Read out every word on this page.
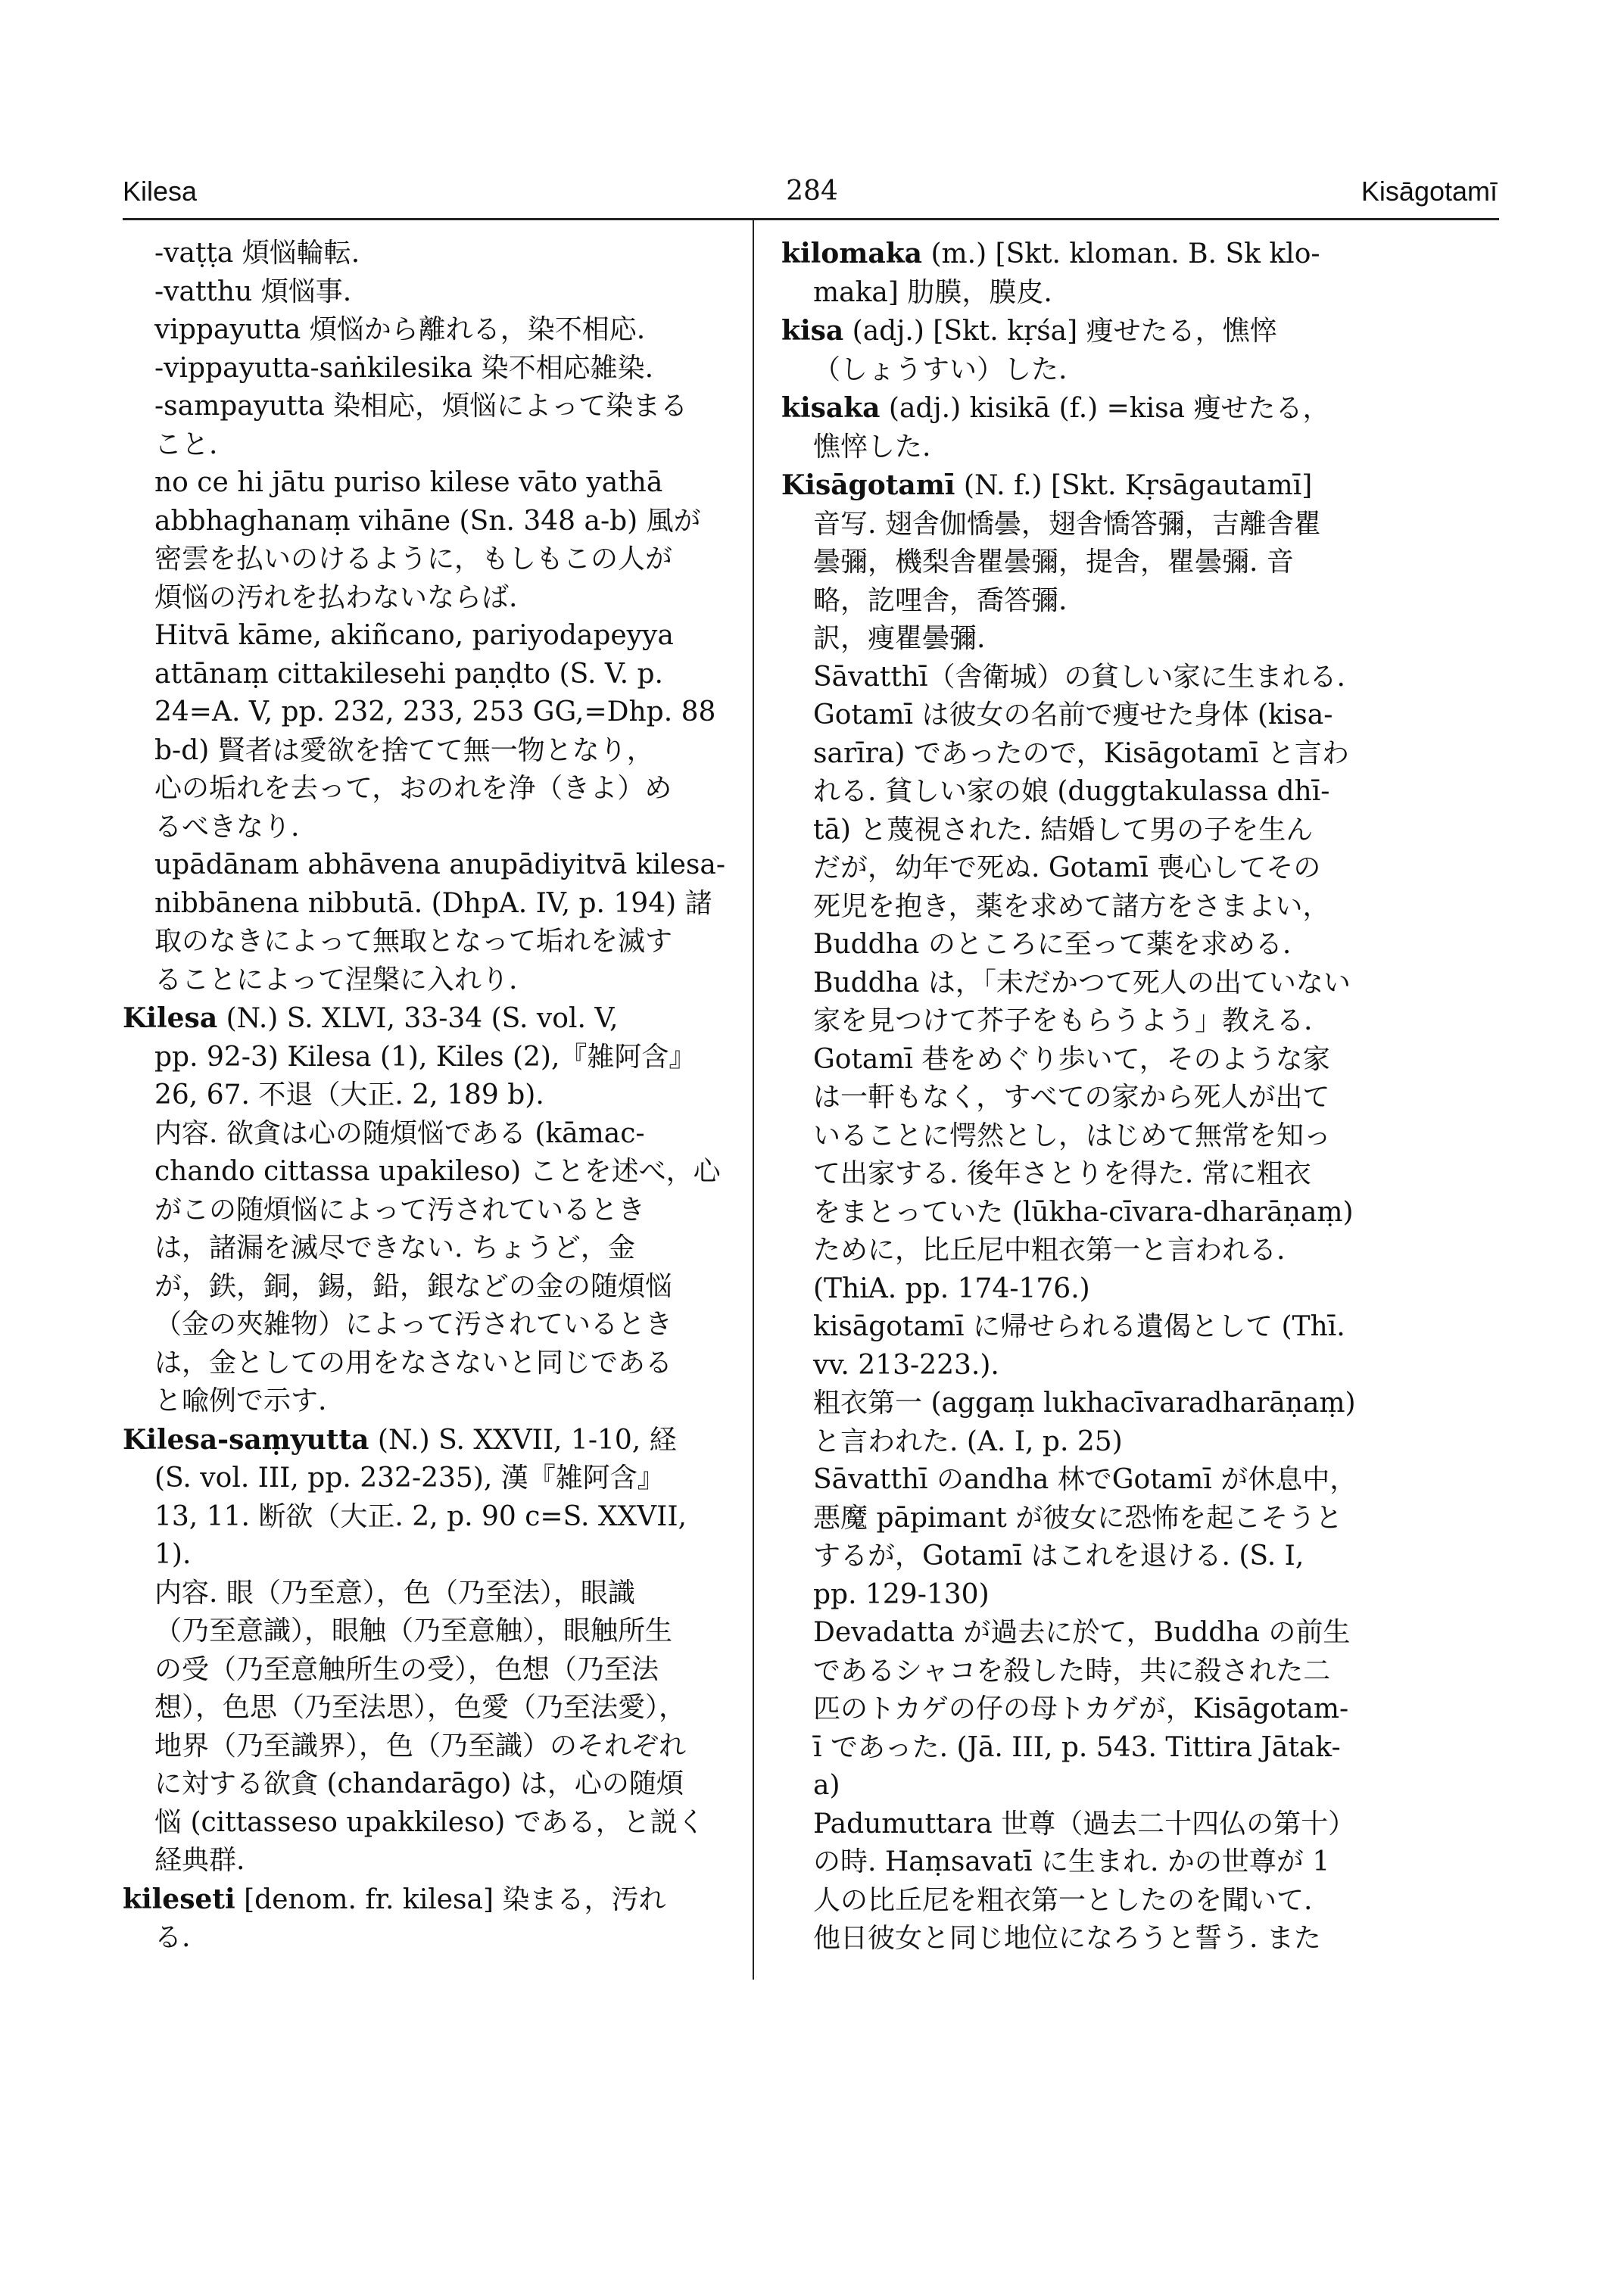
Kilesa	284	Kisāgotamī
-vaṭṭa 煩悩輪転.
-vatthu 煩悩事.
vippayutta 煩悩から離れる，染不相応.
-vippayutta-saṅkilesika 染不相応雑染.
-sampayutta 染相応，煩悩によって染まる
こと.
no ce hi jātu puriso kilese vāto yathā
abbhaghanaṃ vihāne (Sn. 348 a-b) 風が
密雲を払いのけるように，もしもこの人が
煩悩の汚れを払わないならば.
Hitvā kāme, akiñcano, pariyodapeyya
attānaṃ cittakilesehi paṇḍto (S. V. p.
24=A. V, pp. 232, 233, 253 GG,=Dhp. 88
b-d) 賢者は愛欲を捨てて無一物となり，
心の垢れを去って，おのれを浄（きよ）め
るべきなり.
upādānam abhāvena anupādiyitvā kilesa-
nibbānena nibbutā. (DhpA. IV, p. 194) 諸
取のなきによって無取となって垢れを滅す
ることによって涅槃に入れり.
Kilesa (N.) S. XLVI, 33-34 (S. vol. V,
pp. 92-3) Kilesa (1), Kiles (2),『雑阿含』
26, 67. 不退（大正. 2, 189 b).
内容. 欲貪は心の随煩悩である (kāmac-
chando cittassa upakileso) ことを述べ，心
がこの随煩悩によって汚されているとき
は，諸漏を滅尽できない. ちょうど，金
が，鉄，銅，錫，鉛，銀などの金の随煩悩
（金の夾雑物）によって汚されているとき
は，金としての用をなさないと同じである
と喩例で示す.
Kilesa-saṃyutta (N.) S. XXVII, 1-10, 経
(S. vol. III, pp. 232-235), 漢『雑阿含』
13, 11. 断欲（大正. 2, p. 90 c=S. XXVII,
1).
内容. 眼（乃至意），色（乃至法），眼識
（乃至意識），眼触（乃至意触），眼触所生
の受（乃至意触所生の受），色想（乃至法
想），色思（乃至法思），色愛（乃至法愛），
地界（乃至識界），色（乃至識）のそれぞれ
に対する欲貪 (chandarāgo) は，心の随煩
悩 (cittasseso upakkileso) である，と説く
経典群.
kileseti [denom. fr. kilesa] 染まる，汚れ
る.
kilomaka (m.) [Skt. kloman. B. Sk klo-
maka] 肋膜，膜皮.
kisa (adj.) [Skt. kṛśa] 痩せたる，憔悴
（しょうすい）した.
kisaka (adj.) kisikā (f.) =kisa 痩せたる，
憔悴した.
Kisāgotamī (N. f.) [Skt. Kṛsāgautamī]
音写. 翅舎伽憍曇，翅舎憍答彌，吉離舎瞿
曇彌，機梨舎瞿曇彌，提舎，瞿曇彌. 音
略，訖哩舎，喬答彌.
訳，痩瞿曇彌.
Sāvatthī（舎衛城）の貧しい家に生まれる.
Gotamī は彼女の名前で痩せた身体 (kisa-
sarīra) であったので，Kisāgotamī と言わ
れる. 貧しい家の娘 (duggtakulassa dhī-
tā) と蔑視された. 結婚して男の子を生ん
だが，幼年で死ぬ. Gotamī 喪心してその
死児を抱き，薬を求めて諸方をさまよい，
Buddha のところに至って薬を求める.
Buddha は，「未だかつて死人の出ていない
家を見つけて芥子をもらうよう」教える.
Gotamī 巷をめぐり歩いて，そのような家
は一軒もなく，すべての家から死人が出て
いることに愕然とし，はじめて無常を知っ
て出家する. 後年さとりを得た. 常に粗衣
をまとっていた (lūkha-cīvara-dharāṇaṃ)
ために，比丘尼中粗衣第一と言われる.
(ThiA. pp. 174-176.)
kisāgotamī に帰せられる遺偈として (Thī.
vv. 213-223.).
粗衣第一 (aggaṃ lukhacīvaradharāṇaṃ)
と言われた. (A. I, p. 25)
Sāvatthī のandha 林でGotamī が休息中，
悪魔 pāpimant が彼女に恐怖を起こそうと
するが，Gotamī はこれを退ける. (S. I,
pp. 129-130)
Devadatta が過去に於て，Buddha の前生
であるシャコを殺した時，共に殺された二
匹のトカゲの仔の母トカゲが，Kisāgotam-
ī であった. (Jā. III, p. 543. Tittira Jātak-
a)
Padumuttara 世尊（過去二十四仏の第十）
の時. Haṃsavatī に生まれ. かの世尊が 1
人の比丘尼を粗衣第一としたのを聞いて.
他日彼女と同じ地位になろうと誓う. また
